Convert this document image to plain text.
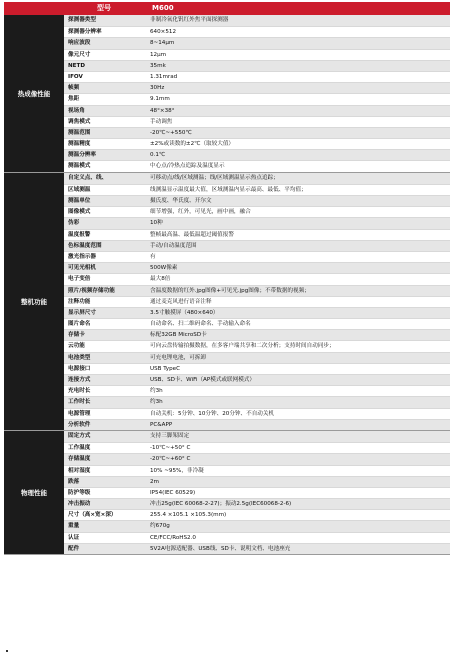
型号	M600
热成像性能
探测器类型	非制冷氧化钒红外焦平面探测器
探测器分辨率	640×512
响应波段	8~14μm
像元尺寸	12μm
NETD	35mk
IFOV	1.31mrad
帧频	30Hz
焦距	9.1mm
视场角	48°×38°
调焦模式	手动调焦
测温范围	-20℃~+550℃
测温精度	±2%或读数的±2℃（取较大值）
测温分辨率	0.1℃
测温模式	中心点/冷热点追踪及温度显示
整机功能
自定义点、线、	可移动点/线/区域测温；线/区域测温显示热点追踪；
区域测温	线测温显示温度最大值，区域测温内显示最高、最低、平均值；
测温单位	摄氏度、华氏度、开尔文
图像模式	细节增强，红外，可见光，画中画，融合
伪彩	10种
温度报警	整帧最高温、最低温超过阈值报警
色标温度范围	手动/自动温度范围
激光指示器	有
可见光相机	500W像素
电子变倍	最大8倍
照片/视频存储功能	含温度数据的红外.jpg图像+可见光.jpg图像；不带数据的视频；
注释功能	通过麦克风进行语音注释
显示屏尺寸	3.5寸触摸屏（480×640）
图片命名	自动命名、扫二维码命名、手动输入命名
存储卡	标配32GB MicroSD卡
云功能	可向云盘传输拍摄数据，在多客户端共享和二次分析；支持时间自动同步；
电池类型	可充电锂电池，可拆卸
电源接口	USB TypeC
连接方式	USB、SD卡、WiFi（AP模式或联网模式）
充电时长	约3h
工作时长	约3h
电源管理	自动关机：5分钟、10分钟、20分钟、不自动关机
分析软件	PC&APP
物理性能
固定方式	支持三脚架固定
工作温度	-10℃~+50° C
存储温度	-20℃~+60° C
相对湿度	10% ~95%，非冷凝
跌落	2m
防护等级	IP54(IEC 60529)
冲击振动	冲击25g(IEC 60068-2-27)；振动2.5g(IEC60068-2-6)
尺寸（高×宽×深）	255.4 ×105.1 ×105.3(mm)
重量	约670g
认证	CE/FCC/RoHS2.0
配件	5V2A电源适配器、USB线、SD卡、说明文档、电池座充
